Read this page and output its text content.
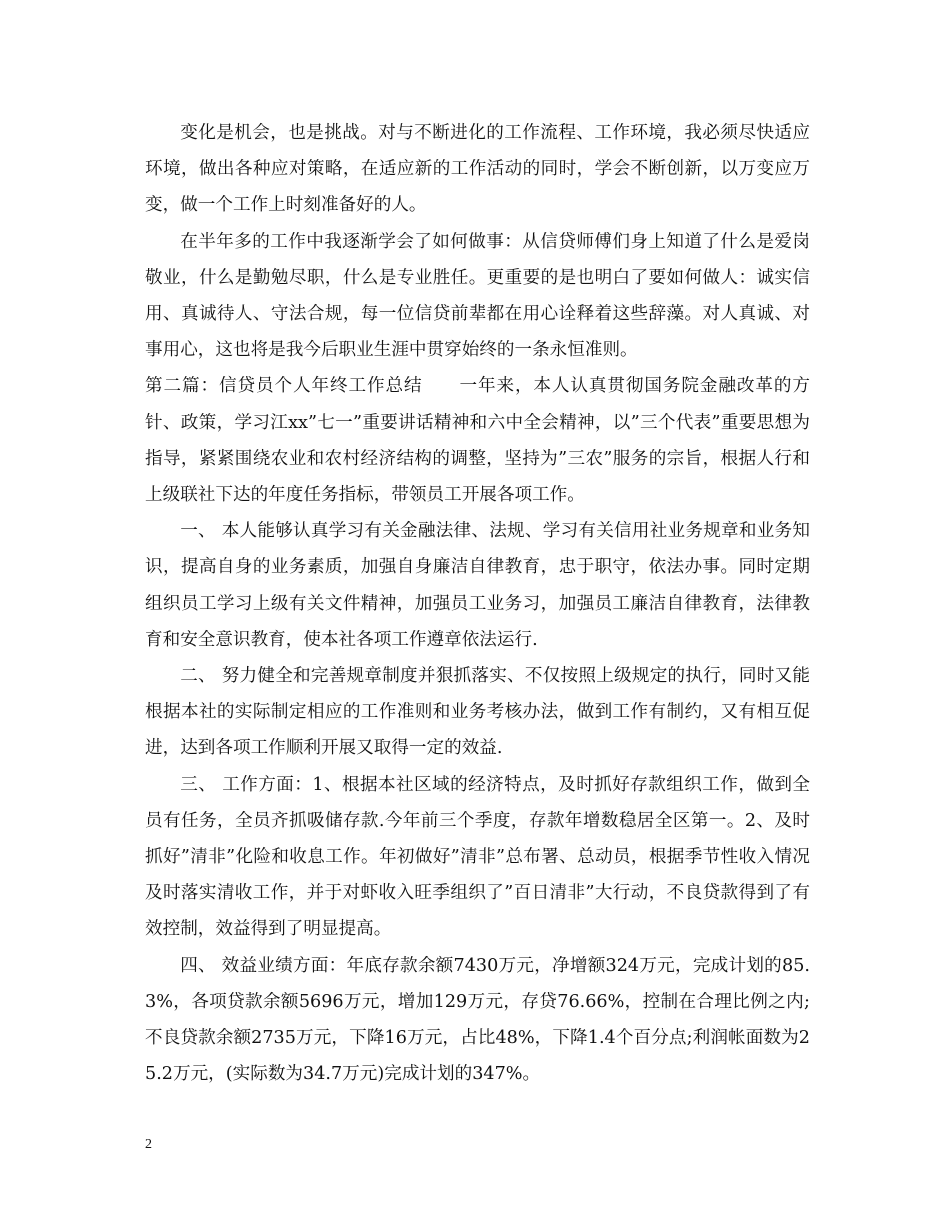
变化是机会，也是挑战。对与不断进化的工作流程、工作环境，我必须尽快适应环境，做出各种应对策略，在适应新的工作活动的同时，学会不断创新，以万变应万变，做一个工作上时刻准备好的人。

在半年多的工作中我逐渐学会了如何做事：从信贷师傅们身上知道了什么是爱岗敬业，什么是勤勉尽职，什么是专业胜任。更重要的是也明白了要如何做人：诚实信用、真诚待人、守法合规，每一位信贷前辈都在用心诠释着这些辞藻。对人真诚、对事用心，这也将是我今后职业生涯中贯穿始终的一条永恒准则。

第二篇：信贷员个人年终工作总结　　一年来，本人认真贯彻国务院金融改革的方针、政策，学习江xx”七一”重要讲话精神和六中全会精神，以”三个代表”重要思想为指导，紧紧围绕农业和农村经济结构的调整，坚持为”三农”服务的宗旨，根据人行和上级联社下达的年度任务指标，带领员工开展各项工作。

一、 本人能够认真学习有关金融法律、法规、学习有关信用社业务规章和业务知识，提高自身的业务素质，加强自身廉洁自律教育，忠于职守，依法办事。同时定期组织员工学习上级有关文件精神，加强员工业务习，加强员工廉洁自律教育，法律教育和安全意识教育，使本社各项工作遵章依法运行.

二、 努力健全和完善规章制度并狠抓落实、不仅按照上级规定的执行，同时又能根据本社的实际制定相应的工作准则和业务考核办法，做到工作有制约，又有相互促进，达到各项工作顺利开展又取得一定的效益.

三、 工作方面：1、根据本社区域的经济特点，及时抓好存款组织工作，做到全员有任务，全员齐抓吸储存款.今年前三个季度，存款年增数稳居全区第一。2、及时抓好”清非”化险和收息工作。年初做好”清非”总布署、总动员，根据季节性收入情况及时落实清收工作，并于对虾收入旺季组织了”百日清非”大行动，不良贷款得到了有效控制，效益得到了明显提高。

四、 效益业绩方面：年底存款余额7430万元，净增额324万元，完成计划的85.3%，各项贷款余额5696万元，增加129万元，存贷76.66%，控制在合理比例之内;不良贷款余额2735万元，下降16万元，占比48%，下降1.4个百分点;利润帐面数为25.2万元，(实际数为34.7万元)完成计划的347%。

2
